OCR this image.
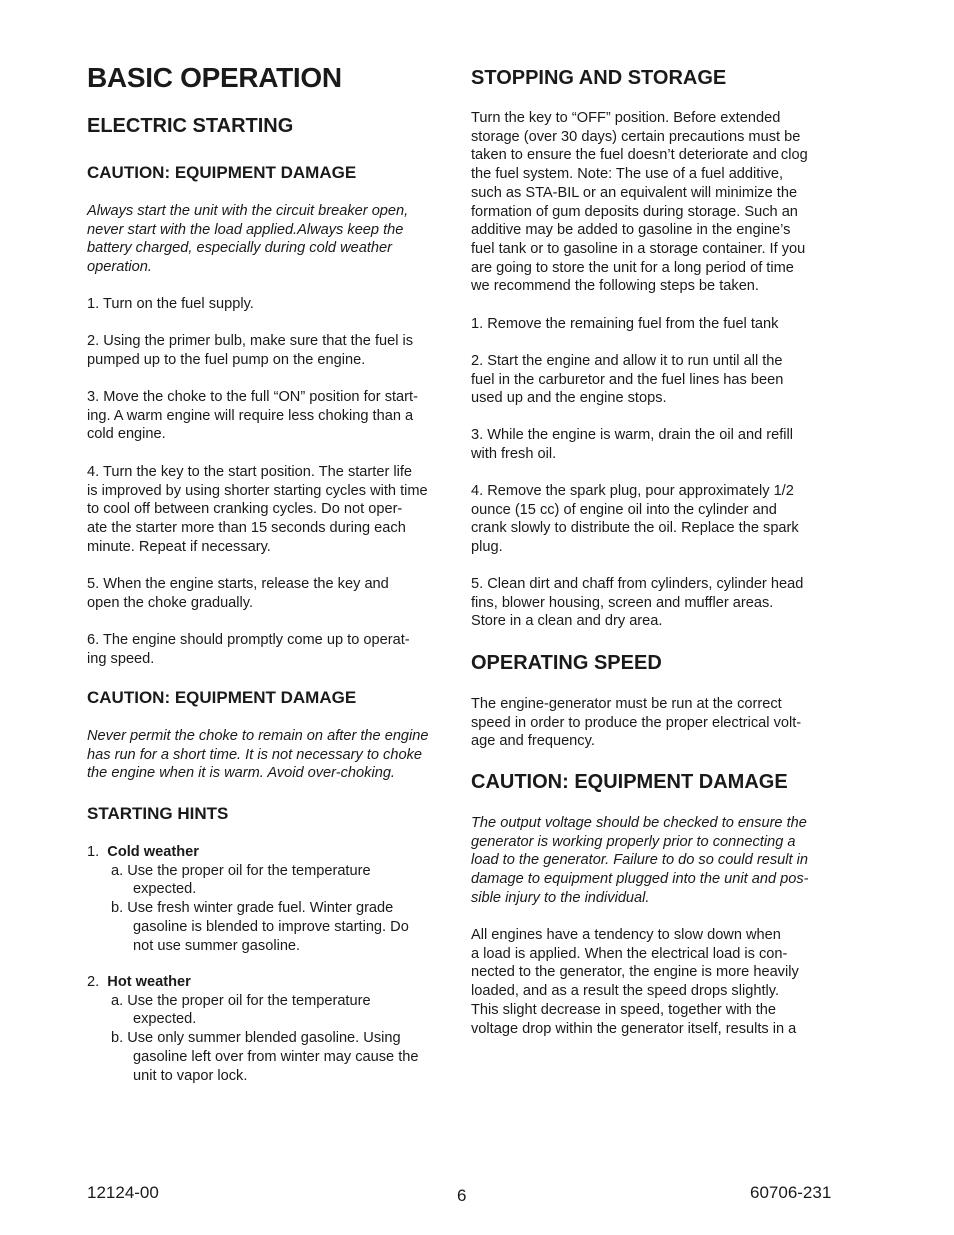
BASIC OPERATION
ELECTRIC STARTING
CAUTION: EQUIPMENT DAMAGE
Always start the unit with the circuit breaker open,
never start with the load applied.Always keep the
battery charged, especially during cold weather
operation.
1. Turn on the fuel supply.
2. Using the primer bulb, make sure that the fuel is
pumped up to the fuel pump on the engine.
3. Move the choke to the full “ON” position for start-
ing. A warm engine will require less choking than a
cold engine.
4. Turn the key to the start position. The starter life
is improved by using shorter starting cycles with time
to cool off between cranking cycles. Do not oper-
ate the starter more than 15 seconds during each
minute. Repeat if necessary.
5. When the engine starts, release the key and
open the choke gradually.
6. The engine should promptly come up to operat-
ing speed.
CAUTION: EQUIPMENT DAMAGE
Never permit the choke to remain on after the engine
has run for a short time. It is not necessary to choke
the engine when it is warm. Avoid over-choking.
STARTING HINTS
1. Cold weather
a. Use the proper oil for the temperature
expected.
b. Use fresh winter grade fuel. Winter grade
gasoline is blended to improve starting. Do
not use summer gasoline.
2. Hot weather
a. Use the proper oil for the temperature
expected.
b. Use only summer blended gasoline. Using
gasoline left over from winter may cause the
unit to vapor lock.
STOPPING AND STORAGE
Turn the key to “OFF” position. Before extended
storage (over 30 days) certain precautions must be
taken to ensure the fuel doesn’t deteriorate and clog
the fuel system. Note: The use of a fuel additive,
such as STA-BIL or an equivalent will minimize the
formation of gum deposits during storage. Such an
additive may be added to gasoline in the engine’s
fuel tank or to gasoline in a storage container. If you
are going to store the unit for a long period of time
we recommend the following steps be taken.
1. Remove the remaining fuel from the fuel tank
2. Start the engine and allow it to run until all the
fuel in the carburetor and the fuel lines has been
used up and the engine stops.
3. While the engine is warm, drain the oil and refill
with fresh oil.
4. Remove the spark plug, pour approximately 1/2
ounce (15 cc) of engine oil into the cylinder and
crank slowly to distribute the oil. Replace the spark
plug.
5. Clean dirt and chaff from cylinders, cylinder head
fins, blower housing, screen and muffler areas.
Store in a clean and dry area.
OPERATING SPEED
The engine-generator must be run at the correct
speed in order to produce the proper electrical volt-
age and frequency.
CAUTION: EQUIPMENT DAMAGE
The output voltage should be checked to ensure the
generator is working properly prior to connecting a
load to the generator. Failure to do so could result in
damage to equipment plugged into the unit and pos-
sible injury to the individual.
All engines have a tendency to slow down when
a load is applied. When the electrical load is con-
nected to the generator, the engine is more heavily
loaded, and as a result the speed drops slightly.
This slight decrease in speed, together with the
voltage drop within the generator itself, results in a
12124-00	6	60706-231
